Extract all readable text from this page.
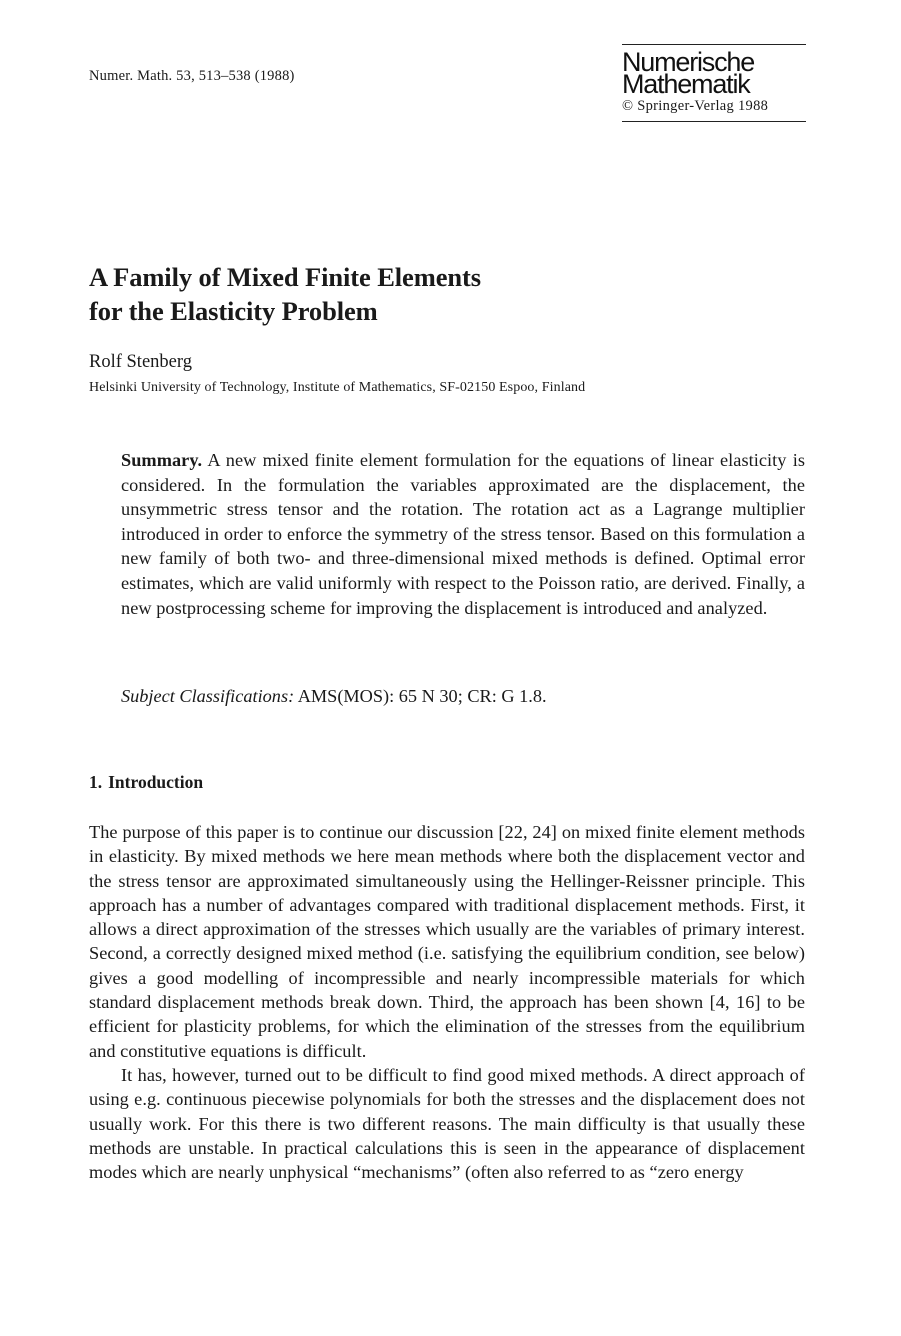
Numer. Math. 53, 513–538 (1988)	Numerische
Mathematik
© Springer-Verlag 1988
A Family of Mixed Finite Elements
for the Elasticity Problem
Rolf Stenberg
Helsinki University of Technology, Institute of Mathematics, SF-02150 Espoo, Finland

Summary. A new mixed finite element formulation for the equations of linear elasticity is considered. In the formulation the variables approximated are the displacement, the unsymmetric stress tensor and the rotation. The rotation act as a Lagrange multiplier introduced in order to enforce the symmetry of the stress tensor. Based on this formulation a new family of both two- and three-dimensional mixed methods is defined. Optimal error estimates, which are valid uniformly with respect to the Poisson ratio, are derived. Finally, a new postprocessing scheme for improving the displacement is introduced and analyzed.

Subject Classifications: AMS(MOS): 65 N 30; CR: G 1.8.
1. Introduction

The purpose of this paper is to continue our discussion [22, 24] on mixed finite element methods in elasticity. By mixed methods we here mean methods where both the displacement vector and the stress tensor are approximated simultaneously using the Hellinger-Reissner principle. This approach has a number of advantages compared with traditional displacement methods. First, it allows a direct approximation of the stresses which usually are the variables of primary interest. Second, a correctly designed mixed method (i.e. satisfying the equilibrium condition, see below) gives a good modelling of incompressible and nearly incompressible materials for which standard displacement methods break down. Third, the approach has been shown [4, 16] to be efficient for plasticity problems, for which the elimination of the stresses from the equilibrium and constitutive equations is difficult.

It has, however, turned out to be difficult to find good mixed methods. A direct approach of using e.g. continuous piecewise polynomials for both the stresses and the displacement does not usually work. For this there is two different reasons. The main difficulty is that usually these methods are unstable. In practical calculations this is seen in the appearance of displacement modes which are nearly unphysical “mechanisms” (often also referred to as “zero energy
